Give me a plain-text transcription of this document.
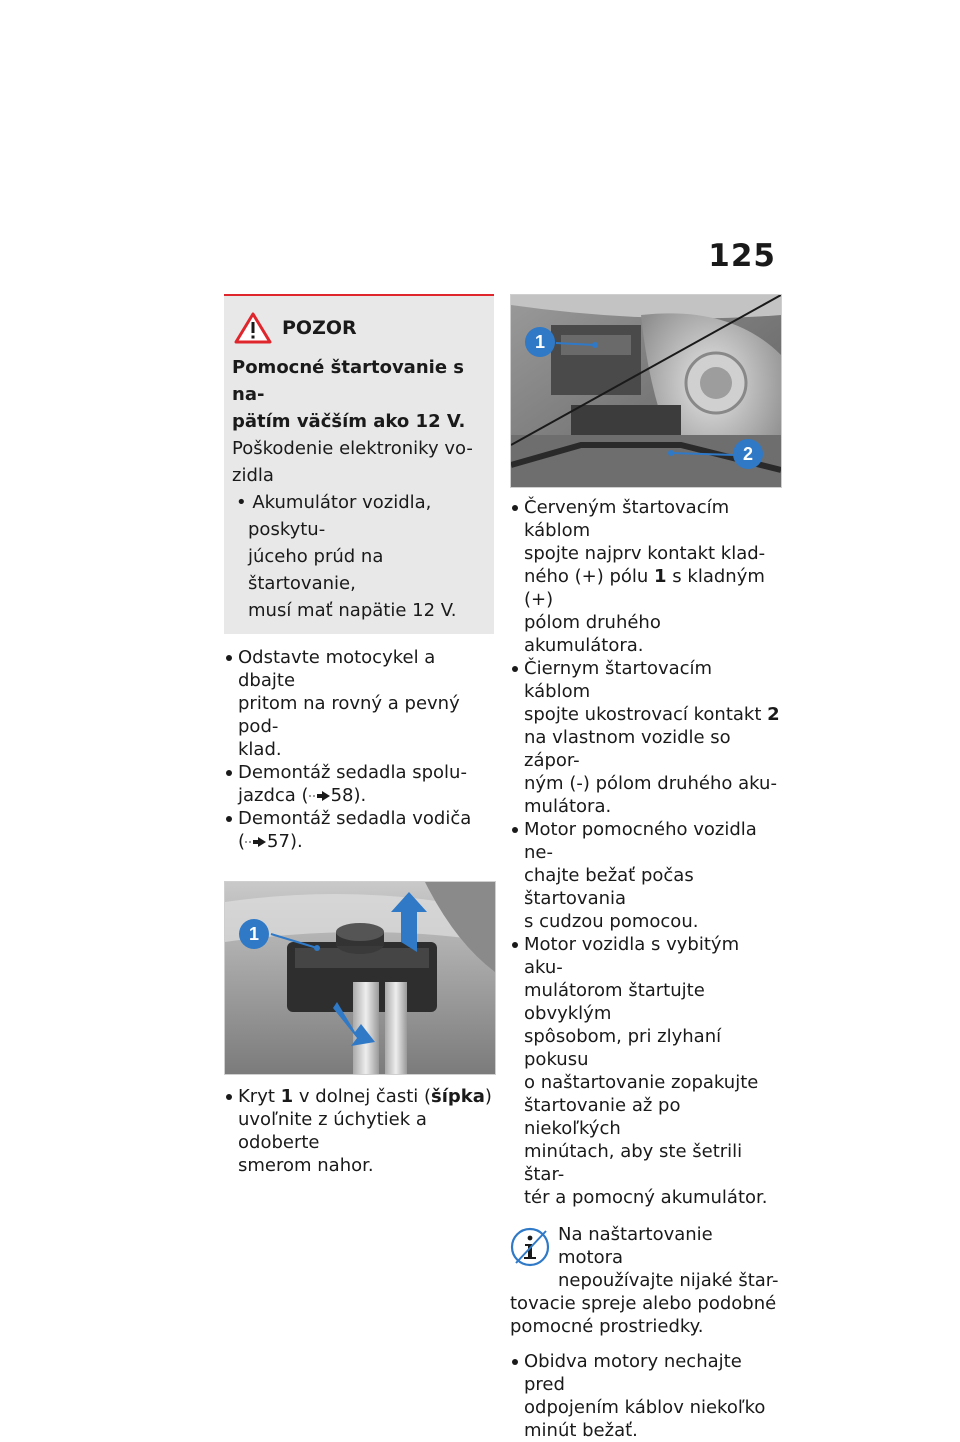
125
POZOR
Pomocné štartovanie s na-
pätím väčším ako 12 V.
Poškodenie elektroniky vo-
zidla
• Akumulátor vozidla, poskytu-
júceho prúd na štartovanie,
musí mať napätie 12 V.
Odstavte motocykel a dbajte
pritom na rovný a pevný pod-
klad.
Demontáž sedadla spolu-
jazdca ( 58).
Demontáž sedadla vodiča
( 57).
1
Kryt 1 v dolnej časti (šípka)
uvoľnite z úchytiek a odoberte
smerom nahor.
1
2
Červeným štartovacím káblom
spojte najprv kontakt klad-
ného (+) pólu 1 s kladným (+)
pólom druhého akumulátora.
Čiernym štartovacím káblom
spojte ukostrovací kontakt 2
na vlastnom vozidle so zápor-
ným (-) pólom druhého aku-
mulátora.
Motor pomocného vozidla ne-
chajte bežať počas štartovania
s cudzou pomocou.
Motor vozidla s vybitým aku-
mulátorom štartujte obvyklým
spôsobom, pri zlyhaní pokusu
o naštartovanie zopakujte
štartovanie až po niekoľkých
minútach, aby ste šetrili štar-
tér a pomocný akumulátor.
Na naštartovanie motora
nepoužívajte nijaké štar-
tovacie spreje alebo podobné
pomocné prostriedky.
Obidva motory nechajte pred
odpojením káblov niekoľko
minút bežať.
